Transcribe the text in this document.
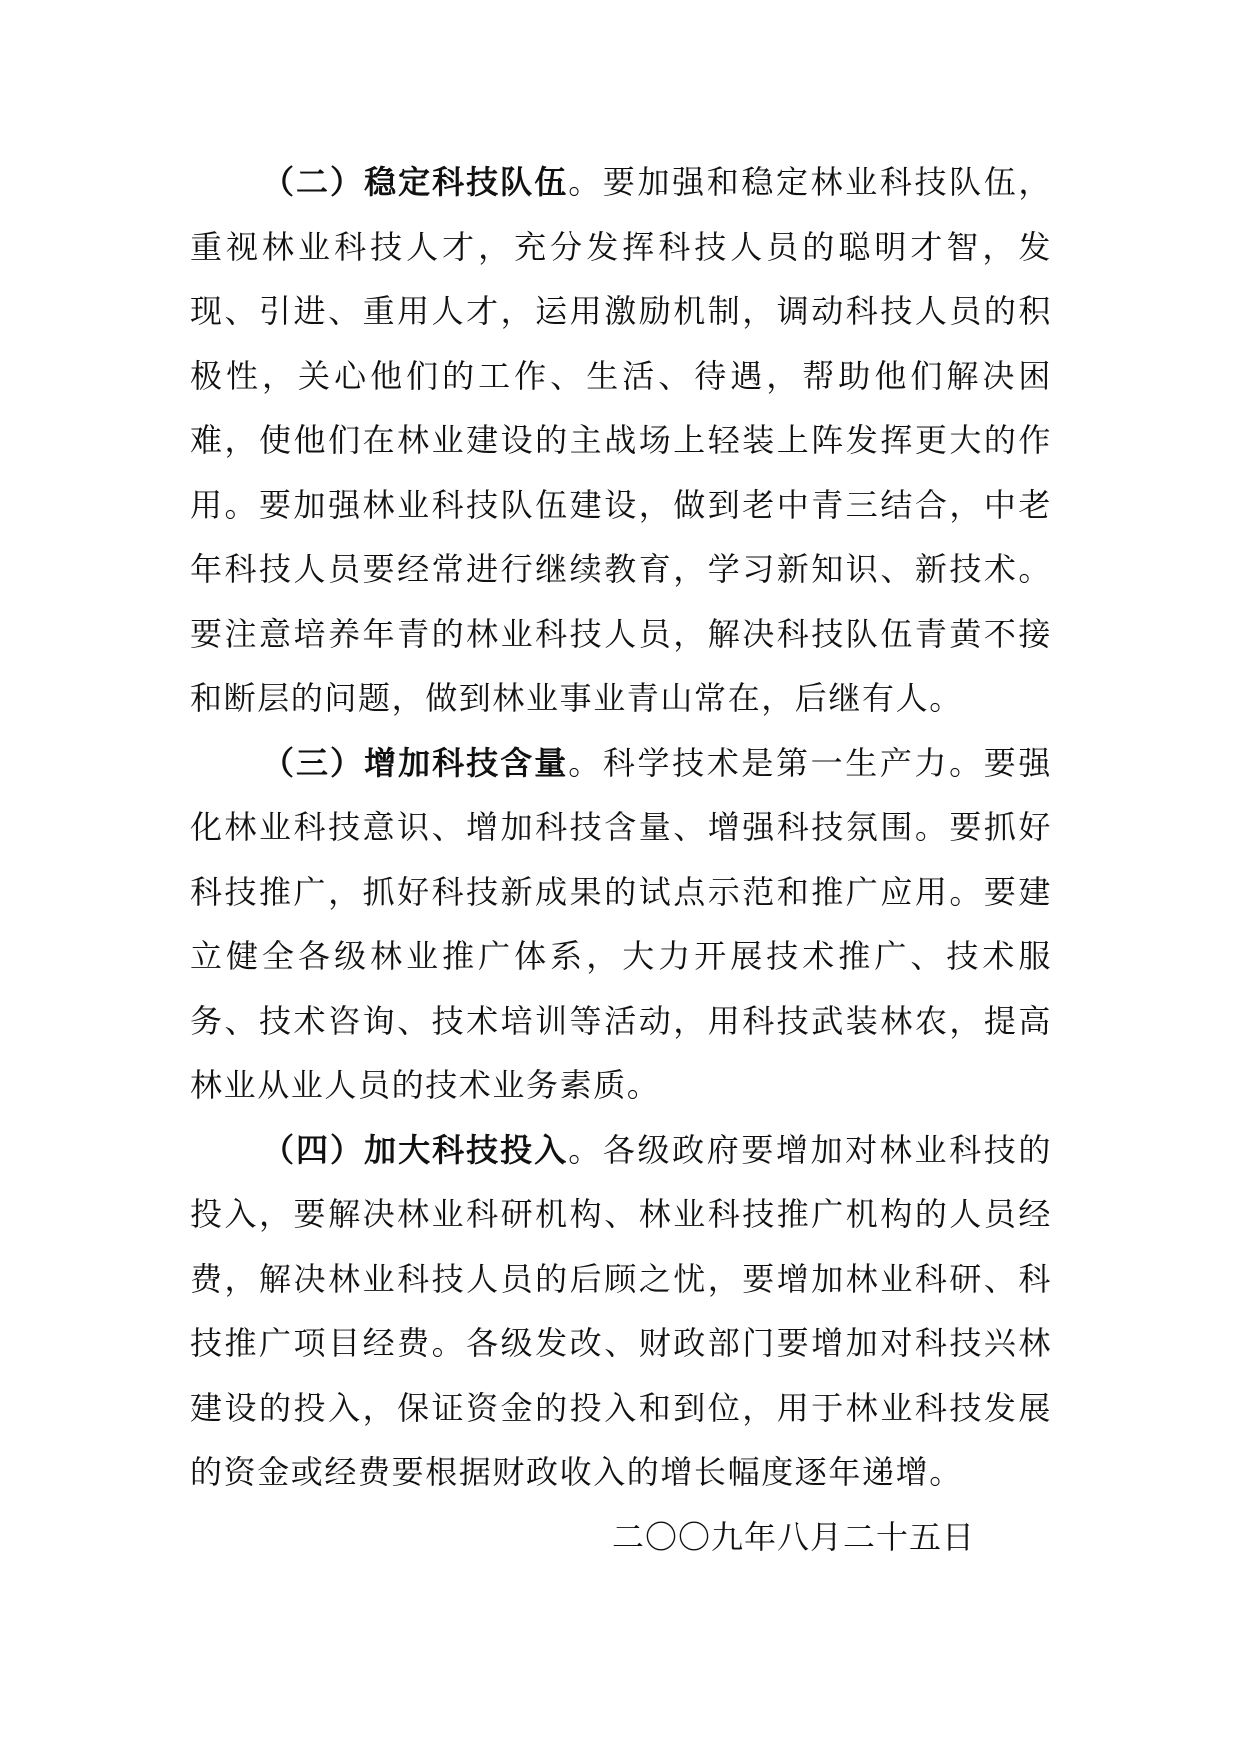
（二）稳定科技队伍。要加强和稳定林业科技队伍，重视林业科技人才，充分发挥科技人员的聪明才智，发现、引进、重用人才，运用激励机制，调动科技人员的积极性，关心他们的工作、生活、待遇，帮助他们解决困难，使他们在林业建设的主战场上轻装上阵发挥更大的作用。要加强林业科技队伍建设，做到老中青三结合，中老年科技人员要经常进行继续教育，学习新知识、新技术。要注意培养年青的林业科技人员，解决科技队伍青黄不接和断层的问题，做到林业事业青山常在，后继有人。

（三）增加科技含量。科学技术是第一生产力。要强化林业科技意识、增加科技含量、增强科技氛围。要抓好科技推广，抓好科技新成果的试点示范和推广应用。要建立健全各级林业推广体系，大力开展技术推广、技术服务、技术咨询、技术培训等活动，用科技武装林农，提高林业从业人员的技术业务素质。

（四）加大科技投入。各级政府要增加对林业科技的投入，要解决林业科研机构、林业科技推广机构的人员经费，解决林业科技人员的后顾之忧，要增加林业科研、科技推广项目经费。各级发改、财政部门要增加对科技兴林建设的投入，保证资金的投入和到位，用于林业科技发展的资金或经费要根据财政收入的增长幅度逐年递增。

二〇〇九年八月二十五日
